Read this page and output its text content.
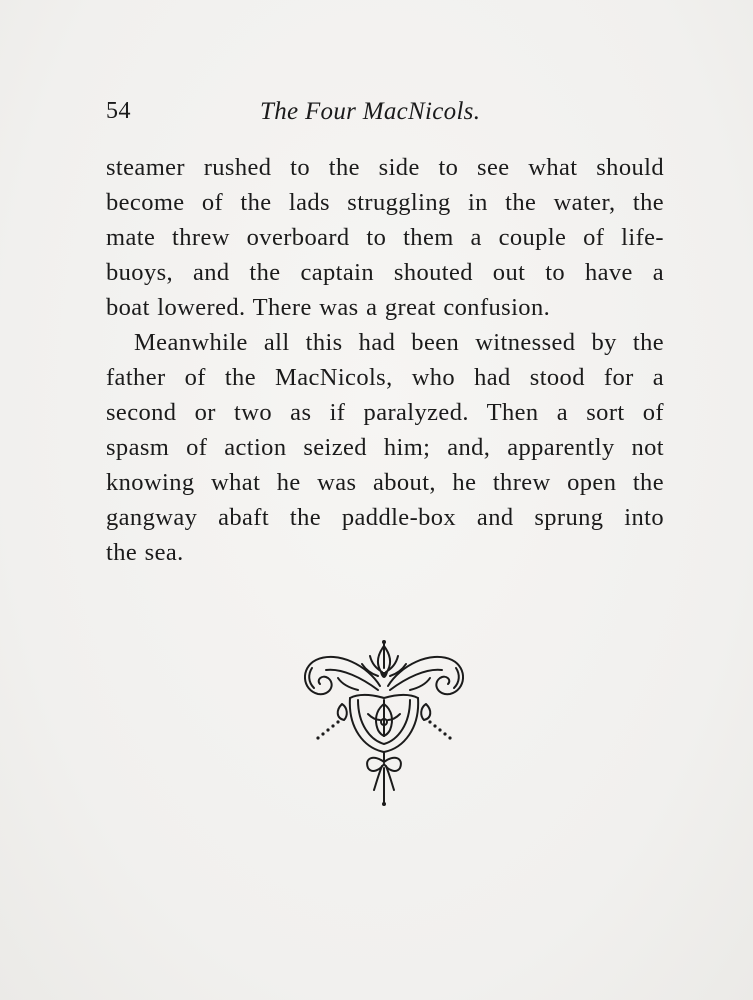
54	The Four MacNicols.

steamer rushed to the side to see what should

become of the lads struggling in the water, the

mate threw overboard to them a couple of life-

buoys, and the captain shouted out to have a

boat lowered. There was a great confusion.

Meanwhile all this had been witnessed by the

father of the MacNicols, who had stood for a

second or two as if paralyzed. Then a sort of

spasm of action seized him; and, apparently not

knowing what he was about, he threw open the

gangway abaft the paddle-box and sprung into

the sea.
